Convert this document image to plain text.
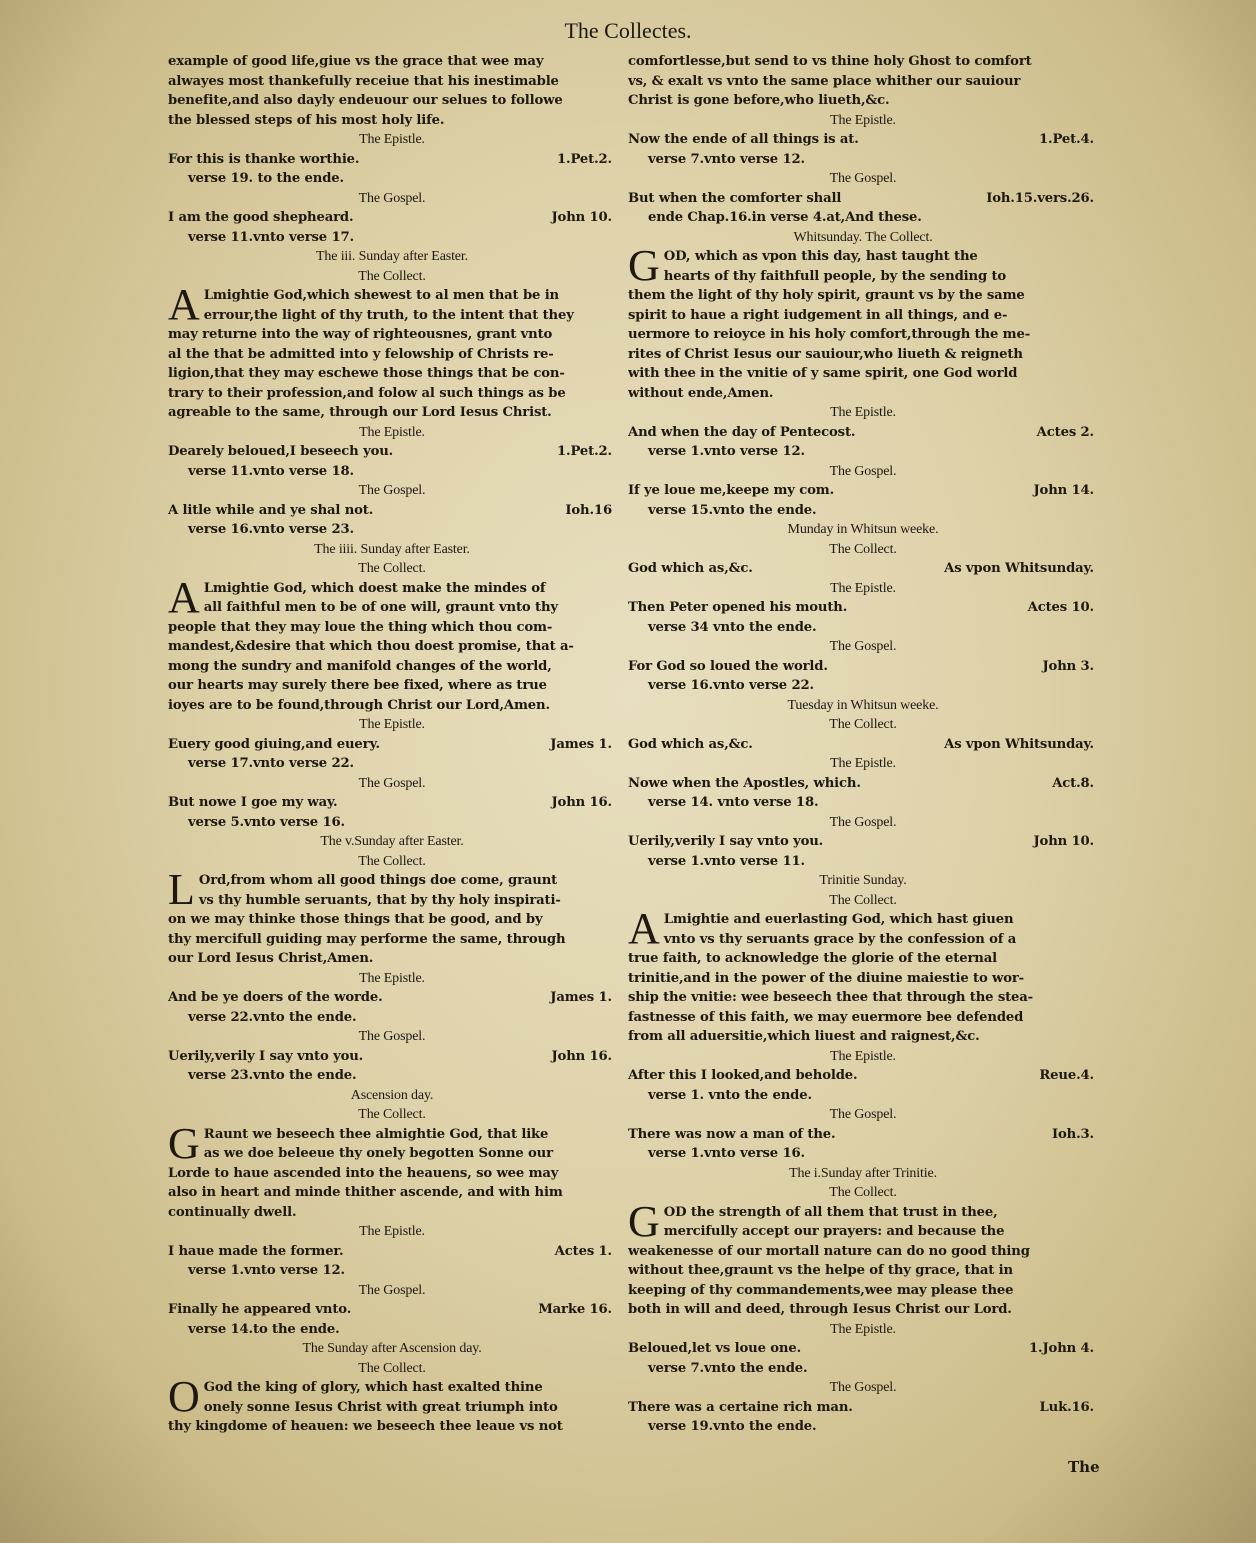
The Collectes.
example of good life,giue vs the grace that wee may
alwayes most thankefully receiue that his inestimable
benefite,and also dayly endeuour our selues to followe
the blessed steps of his most holy life.
The Epistle.
For this is thanke worthie.	1.Pet.2.
verse 19. to the ende.
The Gospel.
I am the good shepheard.	John 10.
verse 11.vnto verse 17.
The iii. Sunday after Easter.
The Collect.
A Lmightie God,which shewest to al men that be in
errour,the light of thy truth, to the intent that they
may returne into the way of righteousnes, grant vnto
al the that be admitted into y felowship of Christs re-
ligion,that they may eschewe those things that be con-
trary to their profession,and folow al such things as be
agreable to the same, through our Lord Iesus Christ.
The Epistle.
Dearely beloued,I beseech you.	1.Pet.2.
verse 11.vnto verse 18.
The Gospel.
A litle while and ye shal not.	Ioh.16
verse 16.vnto verse 23.
The iiii. Sunday after Easter.
The Collect.
A Lmightie God, which doest make the mindes of
all faithful men to be of one will, graunt vnto thy
people that they may loue the thing which thou com-
mandest,&desire that which thou doest promise, that a-
mong the sundry and manifold changes of the world,
our hearts may surely there bee fixed, where as true
ioyes are to be found,through Christ our Lord,Amen.
The Epistle.
Euery good giuing,and euery.	James 1.
verse 17.vnto verse 22.
The Gospel.
But nowe I goe my way.	John 16.
verse 5.vnto verse 16.
The v.Sunday after Easter.
The Collect.
L Ord,from whom all good things doe come, graunt
vs thy humble seruants, that by thy holy inspirati-
on we may thinke those things that be good, and by
thy mercifull guiding may performe the same, through
our Lord Iesus Christ,Amen.
The Epistle.
And be ye doers of the worde.	James 1.
verse 22.vnto the ende.
The Gospel.
Uerily,verily I say vnto you.	John 16.
verse 23.vnto the ende.
Ascension day.
The Collect.
G Raunt we beseech thee almightie God, that like
as we doe beleeue thy onely begotten Sonne our
Lorde to haue ascended into the heauens, so wee may
also in heart and minde thither ascende, and with him
continually dwell.
The Epistle.
I haue made the former.	Actes 1.
verse 1.vnto verse 12.
The Gospel.
Finally he appeared vnto.	Marke 16.
verse 14.to the ende.
The Sunday after Ascension day.
The Collect.
O God the king of glory, which hast exalted thine
onely sonne Iesus Christ with great triumph into
thy kingdome of heauen: we beseech thee leaue vs not
comfortlesse,but send to vs thine holy Ghost to comfort
vs, & exalt vs vnto the same place whither our sauiour
Christ is gone before,who liueth,&c.
The Epistle.
Now the ende of all things is at.	1.Pet.4.
verse 7.vnto verse 12.
The Gospel.
But when the comforter shall	Ioh.15.vers.26.
ende Chap.16.in verse 4.at,And these.
Whitsunday. The Collect.
G OD, which as vpon this day, hast taught the
hearts of thy faithfull people, by the sending to
them the light of thy holy spirit, graunt vs by the same
spirit to haue a right iudgement in all things, and e-
uermore to reioyce in his holy comfort,through the me-
rites of Christ Iesus our sauiour,who liueth & reigneth
with thee in the vnitie of y same spirit, one God world
without ende,Amen.
The Epistle.
And when the day of Pentecost.	Actes 2.
verse 1.vnto verse 12.
The Gospel.
If ye loue me,keepe my com.	John 14.
verse 15.vnto the ende.
Munday in Whitsun weeke.
The Collect.
God which as,&c.	As vpon Whitsunday.
The Epistle.
Then Peter opened his mouth.	Actes 10.
verse 34 vnto the ende.
The Gospel.
For God so loued the world.	John 3.
verse 16.vnto verse 22.
Tuesday in Whitsun weeke.
The Collect.
God which as,&c.	As vpon Whitsunday.
The Epistle.
Nowe when the Apostles, which.	Act.8.
verse 14. vnto verse 18.
The Gospel.
Uerily,verily I say vnto you.	John 10.
verse 1.vnto verse 11.
Trinitie Sunday.
The Collect.
A Lmightie and euerlasting God, which hast giuen
vnto vs thy seruants grace by the confession of a
true faith, to acknowledge the glorie of the eternal
trinitie,and in the power of the diuine maiestie to wor-
ship the vnitie: wee beseech thee that through the stea-
fastnesse of this faith, we may euermore bee defended
from all aduersitie,which liuest and raignest,&c.
The Epistle.
After this I looked,and beholde.	Reue.4.
verse 1. vnto the ende.
The Gospel.
There was now a man of the.	Ioh.3.
verse 1.vnto verse 16.
The i.Sunday after Trinitie.
The Collect.
G OD the strength of all them that trust in thee,
mercifully accept our prayers: and because the
weakenesse of our mortall nature can do no good thing
without thee,graunt vs the helpe of thy grace, that in
keeping of thy commandements,wee may please thee
both in will and deed, through Iesus Christ our Lord.
The Epistle.
Beloued,let vs loue one.	1.John 4.
verse 7.vnto the ende.
The Gospel.
There was a certaine rich man.	Luk.16.
verse 19.vnto the ende.
The
